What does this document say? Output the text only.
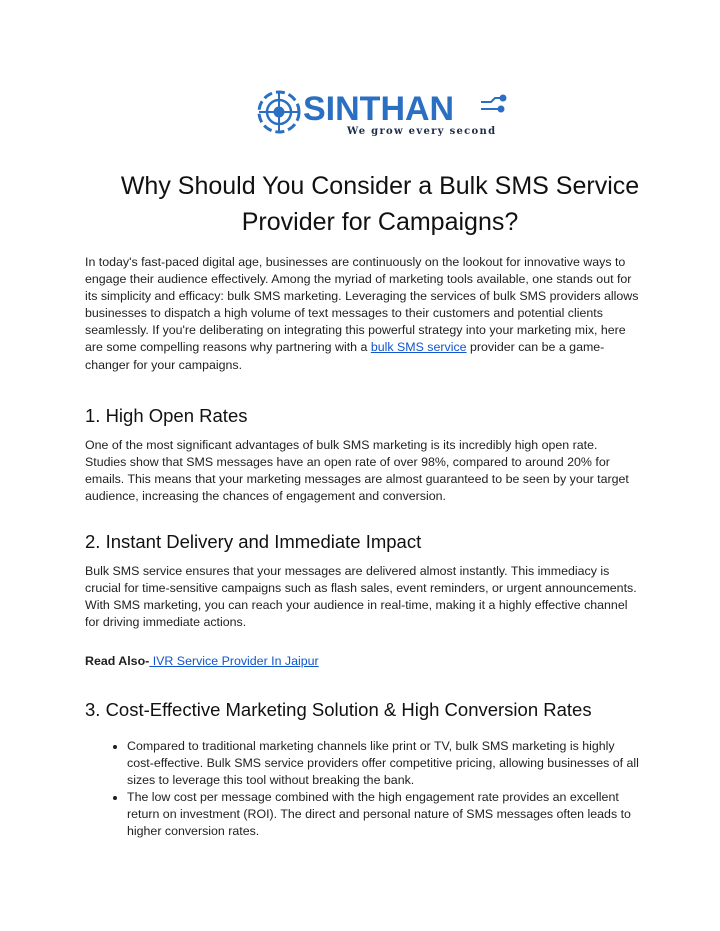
SINTHAN
We grow every second
Why Should You Consider a Bulk SMS Service Provider for Campaigns?

In today's fast-paced digital age, businesses are continuously on the lookout for innovative ways to engage their audience effectively. Among the myriad of marketing tools available, one stands out for its simplicity and efficacy: bulk SMS marketing. Leveraging the services of bulk SMS providers allows businesses to dispatch a high volume of text messages to their customers and potential clients seamlessly. If you're deliberating on integrating this powerful strategy into your marketing mix, here are some compelling reasons why partnering with a bulk SMS service provider can be a game-changer for your campaigns.

1. High Open Rates

One of the most significant advantages of bulk SMS marketing is its incredibly high open rate. Studies show that SMS messages have an open rate of over 98%, compared to around 20% for emails. This means that your marketing messages are almost guaranteed to be seen by your target audience, increasing the chances of engagement and conversion.

2. Instant Delivery and Immediate Impact

Bulk SMS service ensures that your messages are delivered almost instantly. This immediacy is crucial for time-sensitive campaigns such as flash sales, event reminders, or urgent announcements. With SMS marketing, you can reach your audience in real-time, making it a highly effective channel for driving immediate actions.

Read Also- IVR Service Provider In Jaipur

3. Cost-Effective Marketing Solution & High Conversion Rates
• Compared to traditional marketing channels like print or TV, bulk SMS marketing is highly cost-effective. Bulk SMS service providers offer competitive pricing, allowing businesses of all sizes to leverage this tool without breaking the bank.
• The low cost per message combined with the high engagement rate provides an excellent return on investment (ROI). The direct and personal nature of SMS messages often leads to higher conversion rates.
